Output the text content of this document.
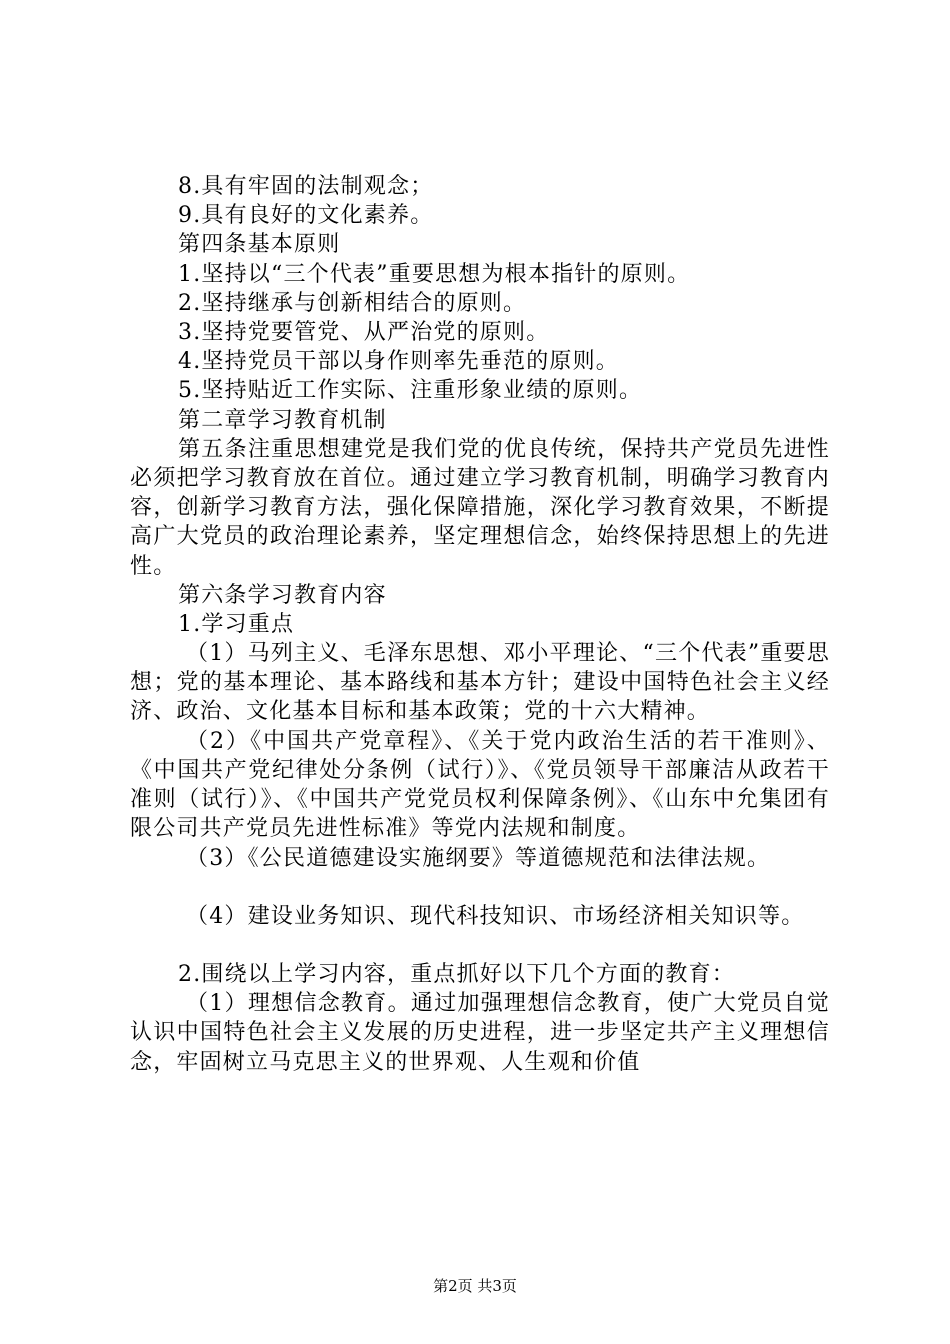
8.具有牢固的法制观念；
9.具有良好的文化素养。
第四条基本原则
1.坚持以“三个代表”重要思想为根本指针的原则。
2.坚持继承与创新相结合的原则。
3.坚持党要管党、从严治党的原则。
4.坚持党员干部以身作则率先垂范的原则。
5.坚持贴近工作实际、注重形象业绩的原则。
第二章学习教育机制
第五条注重思想建党是我们党的优良传统，保持共产党员先进性必须把学习教育放在首位。通过建立学习教育机制，明确学习教育内容，创新学习教育方法，强化保障措施，深化学习教育效果，不断提高广大党员的政治理论素养，坚定理想信念，始终保持思想上的先进性。
第六条学习教育内容
1.学习重点
（1）马列主义、毛泽东思想、邓小平理论、“三个代表”重要思想；党的基本理论、基本路线和基本方针；建设中国特色社会主义经济、政治、文化基本目标和基本政策；党的十六大精神。
（2）《中国共产党章程》、《关于党内政治生活的若干准则》、《中国共产党纪律处分条例（试行）》、《党员领导干部廉洁从政若干准则（试行）》、《中国共产党党员权利保障条例》、《山东中允集团有限公司共产党员先进性标准》等党内法规和制度。
（3）《公民道德建设实施纲要》等道德规范和法律法规。
（4）建设业务知识、现代科技知识、市场经济相关知识等。
2.围绕以上学习内容，重点抓好以下几个方面的教育：
（1）理想信念教育。通过加强理想信念教育，使广大党员自觉认识中国特色社会主义发展的历史进程，进一步坚定共产主义理想信念，牢固树立马克思主义的世界观、人生观和价值
第2页 共3页
